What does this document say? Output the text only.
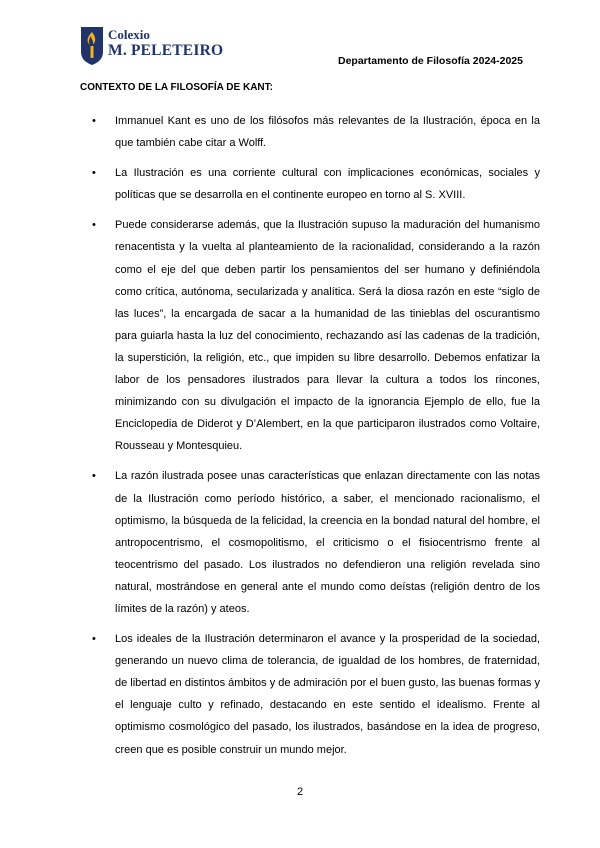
Colexio
M. PELETEIRO
Departamento de Filosofía 2024-2025
CONTEXTO DE LA FILOSOFÍA DE KANT:
• Immanuel Kant es uno de los filósofos más relevantes de la Ilustración, época en la que también cabe citar a Wolff.
• La Ilustración es una corriente cultural con implicaciones económicas, sociales y políticas que se desarrolla en el continente europeo en torno al S. XVIII.
• Puede considerarse además, que la Ilustración supuso la maduración del humanismo renacentista y la vuelta al planteamiento de la racionalidad, considerando a la razón como el eje del que deben partir los pensamientos del ser humano y definiéndola como crítica, autónoma, secularizada y analítica. Será la diosa razón en este “siglo de las luces”, la encargada de sacar a la humanidad de las tinieblas del oscurantismo para guiarla hasta la luz del conocimiento, rechazando así las cadenas de la tradición, la superstición, la religión, etc., que impiden su libre desarrollo. Debemos enfatizar la labor de los pensadores ilustrados para llevar la cultura a todos los rincones, minimizando con su divulgación el impacto de la ignorancia Ejemplo de ello, fue la Enciclopedia de Diderot y D’Alembert, en la que participaron ilustrados como Voltaire, Rousseau y Montesquieu.
• La razón ilustrada posee unas características que enlazan directamente con las notas de la Ilustración como período histórico, a saber, el mencionado racionalismo, el optimismo, la búsqueda de la felicidad, la creencia en la bondad natural del hombre, el antropocentrismo, el cosmopolitismo, el criticismo o el fisiocentrismo frente al teocentrismo del pasado. Los ilustrados no defendieron una religión revelada sino natural, mostrándose en general ante el mundo como deístas (religión dentro de los límites de la razón) y ateos.
• Los ideales de la Ilustración determinaron el avance y la prosperidad de la sociedad, generando un nuevo clima de tolerancia, de igualdad de los hombres, de fraternidad, de libertad en distintos ámbitos y de admiración por el buen gusto, las buenas formas y el lenguaje culto y refinado, destacando en este sentido el idealismo. Frente al optimismo cosmológico del pasado, los ilustrados, basándose en la idea de progreso, creen que es posible construir un mundo mejor.
2
